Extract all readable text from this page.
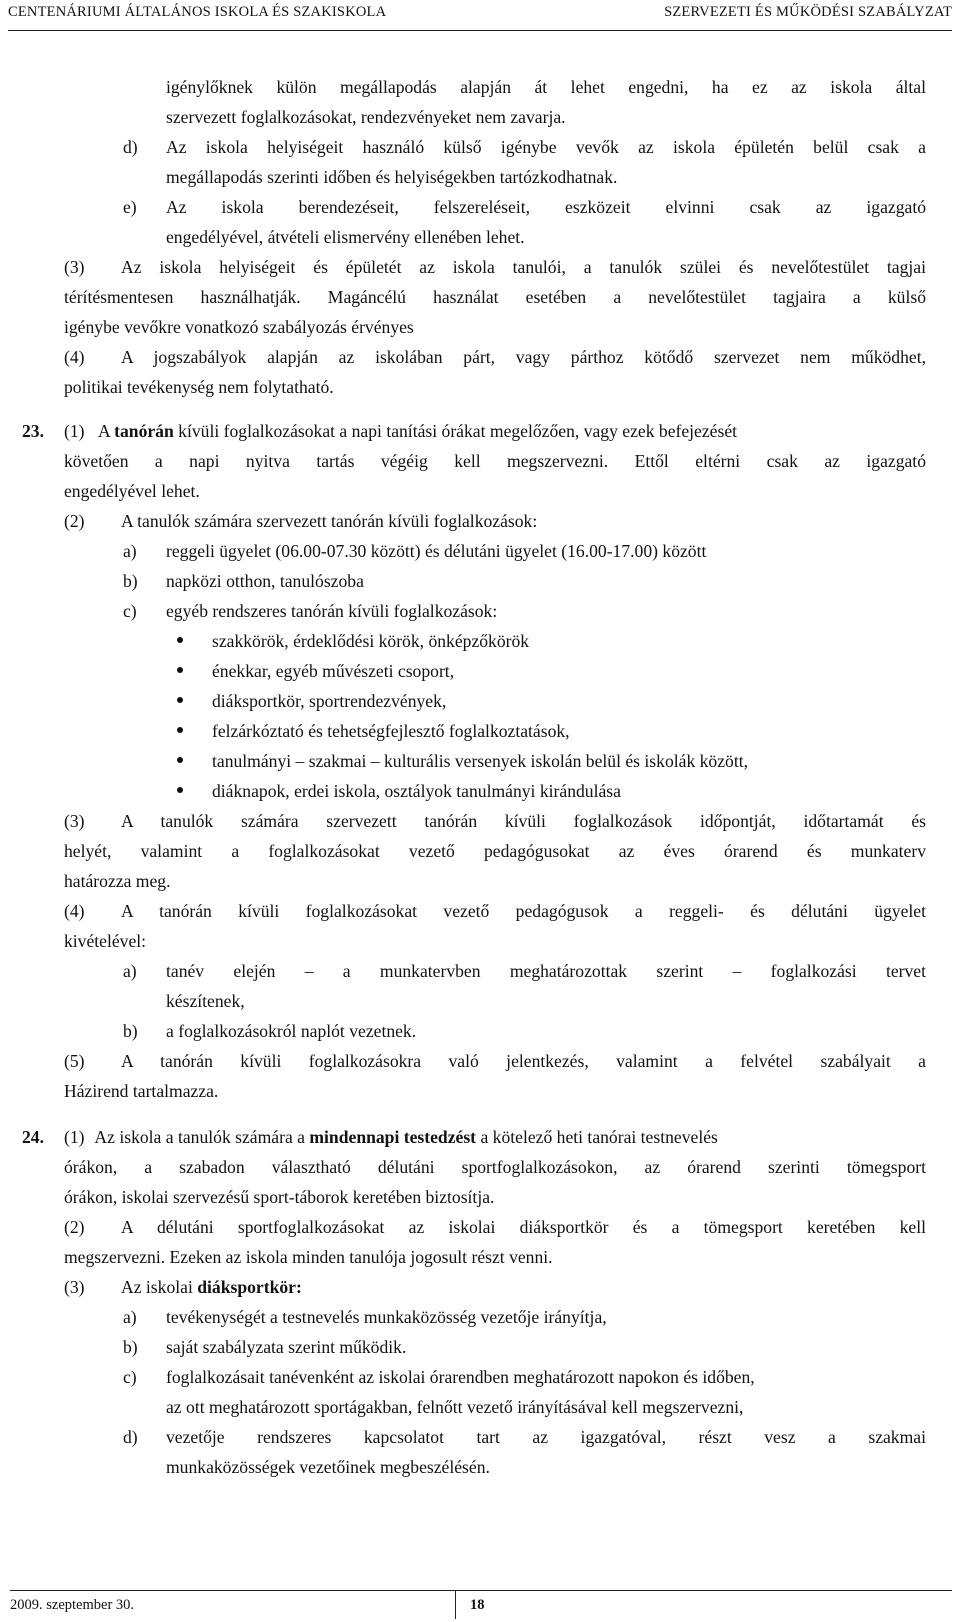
CENTENÁRIUMI ÁLTALÁNOS ISKOLA ÉS SZAKISKOLA	SZERVEZETI ÉS MŰKÖDÉSI SZABÁLYZAT
igénylőknek külön megállapodás alapján át lehet engedni, ha ez az iskola által
szervezett foglalkozásokat, rendezvényeket nem zavarja.
d) Az iskola helyiségeit használó külső igénybe vevők az iskola épületén belül csak a
megállapodás szerinti időben és helyiségekben tartózkodhatnak.
e) Az iskola berendezéseit, felszereléseit, eszközeit elvinni csak az igazgató
engedélyével, átvételi elismervény ellenében lehet.
(3) Az iskola helyiségeit és épületét az iskola tanulói, a tanulók szülei és nevelőtestület tagjai
térítésmentesen használhatják. Magáncélú használat esetében a nevelőtestület tagjaira a külső
igénybe vevőkre vonatkozó szabályozás érvényes
(4) A jogszabályok alapján az iskolában párt, vagy párthoz kötődő szervezet nem működhet,
politikai tevékenység nem folytatható.
23. (1) A tanórán kívüli foglalkozásokat a napi tanítási órákat megelőzően, vagy ezek befejezését
követően a napi nyitva tartás végéig kell megszervezni. Ettől eltérni csak az igazgató
engedélyével lehet.
(2) A tanulók számára szervezett tanórán kívüli foglalkozások:
a) reggeli ügyelet (06.00-07.30 között) és délutáni ügyelet (16.00-17.00) között
b) napközi otthon, tanulószoba
c) egyéb rendszeres tanórán kívüli foglalkozások:
szakkörök, érdeklődési körök, önképzőkörök
énekkar, egyéb művészeti csoport,
diáksportkör, sportrendezvények,
felzárkóztató és tehetségfejlesztő foglalkoztatások,
tanulmányi – szakmai – kulturális versenyek iskolán belül és iskolák között,
diáknapok, erdei iskola, osztályok tanulmányi kirándulása
(3) A tanulók számára szervezett tanórán kívüli foglalkozások időpontját, időtartamát és
helyét, valamint a foglalkozásokat vezető pedagógusokat az éves órarend és munkaterv
határozza meg.
(4) A tanórán kívüli foglalkozásokat vezető pedagógusok a reggeli- és délutáni ügyelet
kivételével:
a) tanév elején – a munkatervben meghatározottak szerint – foglalkozási tervet
készítenek,
b) a foglalkozásokról naplót vezetnek.
(5) A tanórán kívüli foglalkozásokra való jelentkezés, valamint a felvétel szabályait a
Házirend tartalmazza.
24. (1) Az iskola a tanulók számára a mindennapi testedzést a kötelező heti tanórai testnevelés
órákon, a szabadon választható délutáni sportfoglalkozásokon, az órarend szerinti tömegsport
órákon, iskolai szervezésű sport-táborok keretében biztosítja.
(2) A délutáni sportfoglalkozásokat az iskolai diáksportkör és a tömegsport keretében kell
megszervezni. Ezeken az iskola minden tanulója jogosult részt venni.
(3) Az iskolai diáksportkör:
a) tevékenységét a testnevelés munkaközösség vezetője irányítja,
b) saját szabályzata szerint működik.
c) foglalkozásait tanévenként az iskolai órarendben meghatározott napokon és időben,
az ott meghatározott sportágakban, felnőtt vezető irányításával kell megszervezni,
d) vezetője rendszeres kapcsolatot tart az igazgatóval, részt vesz a szakmai
munkaközösségek vezetőinek megbeszélésén.
2009. szeptember 30.	18
